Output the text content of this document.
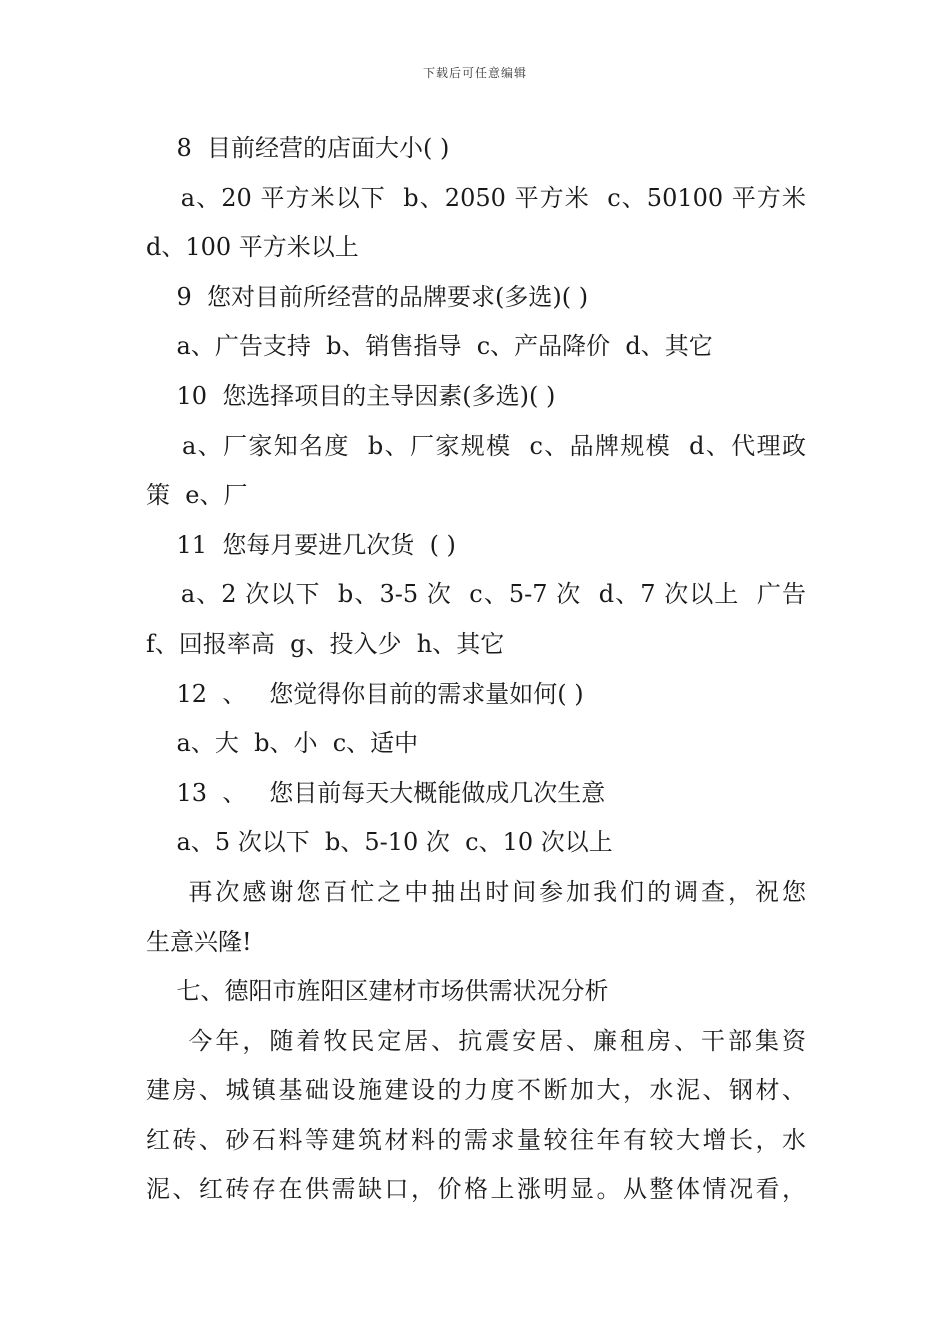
下载后可任意编辑
8  目前经营的店面大小( )
a、20 平方米以下  b、2050 平方米  c、50100 平方米
d、100 平方米以上
9  您对目前所经营的品牌要求(多选)( )
a、广告支持  b、销售指导  c、产品降价  d、其它
10  您选择项目的主导因素(多选)( )
a、厂家知名度  b、厂家规模  c、品牌规模  d、代理政
策  e、厂
11  您每月要进几次货  ( )
a、2 次以下  b、3-5 次  c、5-7 次  d、7 次以上  广告
f、回报率高  g、投入少  h、其它
12  、   您觉得你目前的需求量如何( )
a、大  b、小  c、适中
13  、   您目前每天大概能做成几次生意
a、5 次以下  b、5-10 次  c、10 次以上
再次感谢您百忙之中抽出时间参加我们的调查，祝您
生意兴隆!
七、德阳市旌阳区建材市场供需状况分析
今年，随着牧民定居、抗震安居、廉租房、干部集资
建房、城镇基础设施建设的力度不断加大，水泥、钢材、
红砖、砂石料等建筑材料的需求量较往年有较大增长，水
泥、红砖存在供需缺口，价格上涨明显。从整体情况看，
